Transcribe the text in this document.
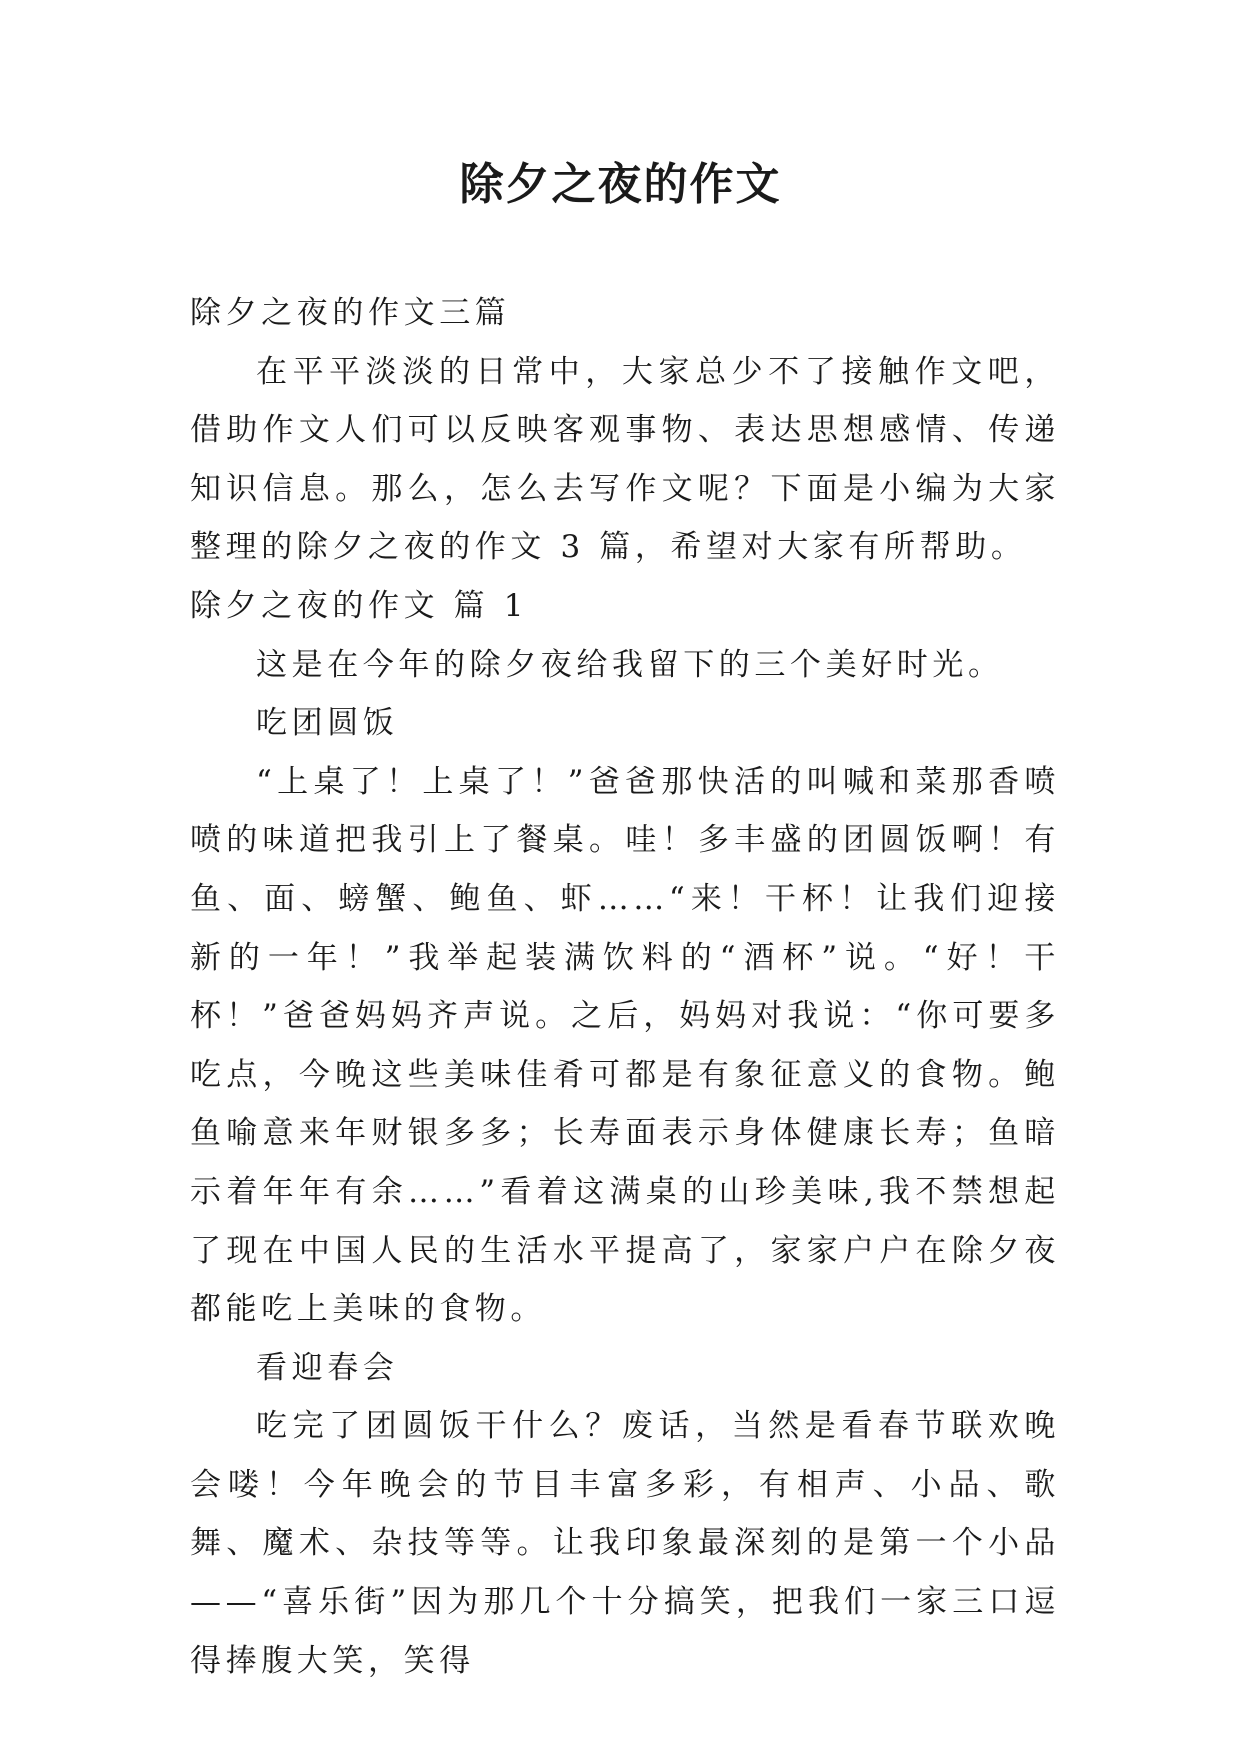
除夕之夜的作文

除夕之夜的作文三篇

在平平淡淡的日常中，大家总少不了接触作文吧，借助作文人们可以反映客观事物、表达思想感情、传递知识信息。那么，怎么去写作文呢？下面是小编为大家整理的除夕之夜的作文 3 篇，希望对大家有所帮助。

除夕之夜的作文 篇 1

这是在今年的除夕夜给我留下的三个美好时光。

吃团圆饭

“上桌了！上桌了！”爸爸那快活的叫喊和菜那香喷喷的味道把我引上了餐桌。哇！多丰盛的团圆饭啊！有鱼、面、螃蟹、鲍鱼、虾……“来！干杯！让我们迎接新的一年！”我举起装满饮料的“酒杯”说。“好！干杯！”爸爸妈妈齐声说。之后，妈妈对我说：“你可要多吃点，今晚这些美味佳肴可都是有象征意义的食物。鲍鱼喻意来年财银多多；长寿面表示身体健康长寿；鱼暗示着年年有余……”看着这满桌的山珍美味,我不禁想起了现在中国人民的生活水平提高了，家家户户在除夕夜都能吃上美味的食物。

看迎春会

吃完了团圆饭干什么？废话，当然是看春节联欢晚会喽！今年晚会的节目丰富多彩，有相声、小品、歌舞、魔术、杂技等等。让我印象最深刻的是第一个小品——“喜乐街”因为那几个十分搞笑，把我们一家三口逗得捧腹大笑，笑得
